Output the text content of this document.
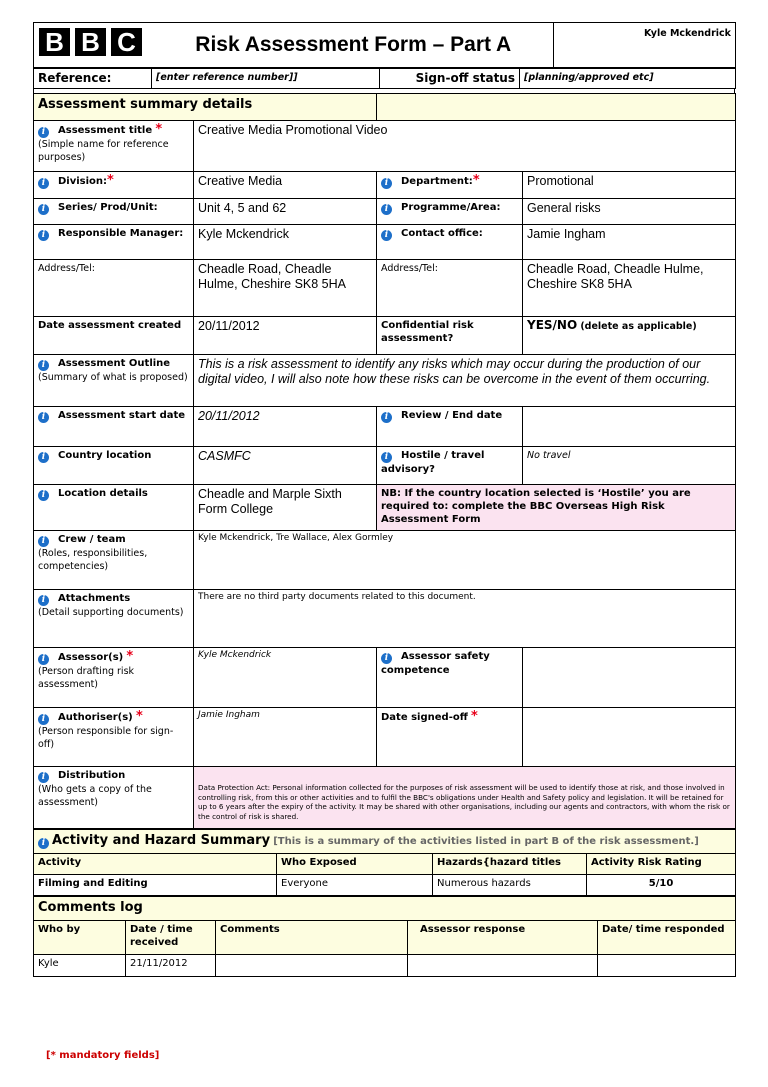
B B C	Risk Assessment Form – Part A	Kyle Mckendrick
Reference:	[enter reference number]]	Sign-off status	[planning/approved etc]
Assessment summary details			
i Assessment title *
(Simple name for reference purposes)	Creative Media Promotional Video		
i Division:*	Creative Media	i Department:*	Promotional
i Series/ Prod/Unit:	Unit 4, 5 and 62	i Programme/Area:	General risks
i Responsible Manager:	Kyle Mckendrick	i Contact office:	Jamie Ingham
Address/Tel:	Cheadle Road, Cheadle Hulme, Cheshire SK8 5HA	Address/Tel:	Cheadle Road, Cheadle Hulme, Cheshire SK8 5HA
Date assessment created	20/11/2012	Confidential risk assessment?	YES/NO (delete as applicable)
i Assessment Outline
(Summary of what is proposed)	This is a risk assessment to identify any risks which may occur during the production of our digital video, I will also note how these risks can be overcome in the event of them occurring.		
i Assessment start date	20/11/2012	i Review / End date	
i Country location	CASMFC	i Hostile / travel advisory?	No travel
i Location details	Cheadle and Marple Sixth Form College	NB: If the country location selected is ‘Hostile’ you are required to: complete the BBC Overseas High Risk Assessment Form	
i Crew / team
(Roles, responsibilities, competencies)	Kyle Mckendrick, Tre Wallace, Alex Gormley		
i Attachments
(Detail supporting documents)	There are no third party documents related to this document.		
i Assessor(s) *
(Person drafting risk assessment)	Kyle Mckendrick	i Assessor safety competence	
i Authoriser(s) *
(Person responsible for sign-off)	Jamie Ingham	Date signed-off *	
i Distribution
(Who gets a copy of the assessment)	Data Protection Act: Personal information collected for the purposes of risk assessment will be used to identify those at risk, and those involved in controlling risk, from this or other activities and to fulfil the BBC's obligations under Health and Safety policy and legislation. It will be retained for up to 6 years after the expiry of the activity. It may be shared with other organisations, including our agents and contractors, with whom the risk or the control of risk is shared.		
i Activity and Hazard Summary [This is a summary of the activities listed in part B of the risk assessment.]			
Activity	Who Exposed	Hazards{hazard titles	Activity Risk Rating
Filming and Editing	Everyone	Numerous hazards	5/10
Comments log				
Who by	Date / time received	Comments	Assessor response	Date/ time responded
Kyle	21/11/2012			
[* mandatory fields]
